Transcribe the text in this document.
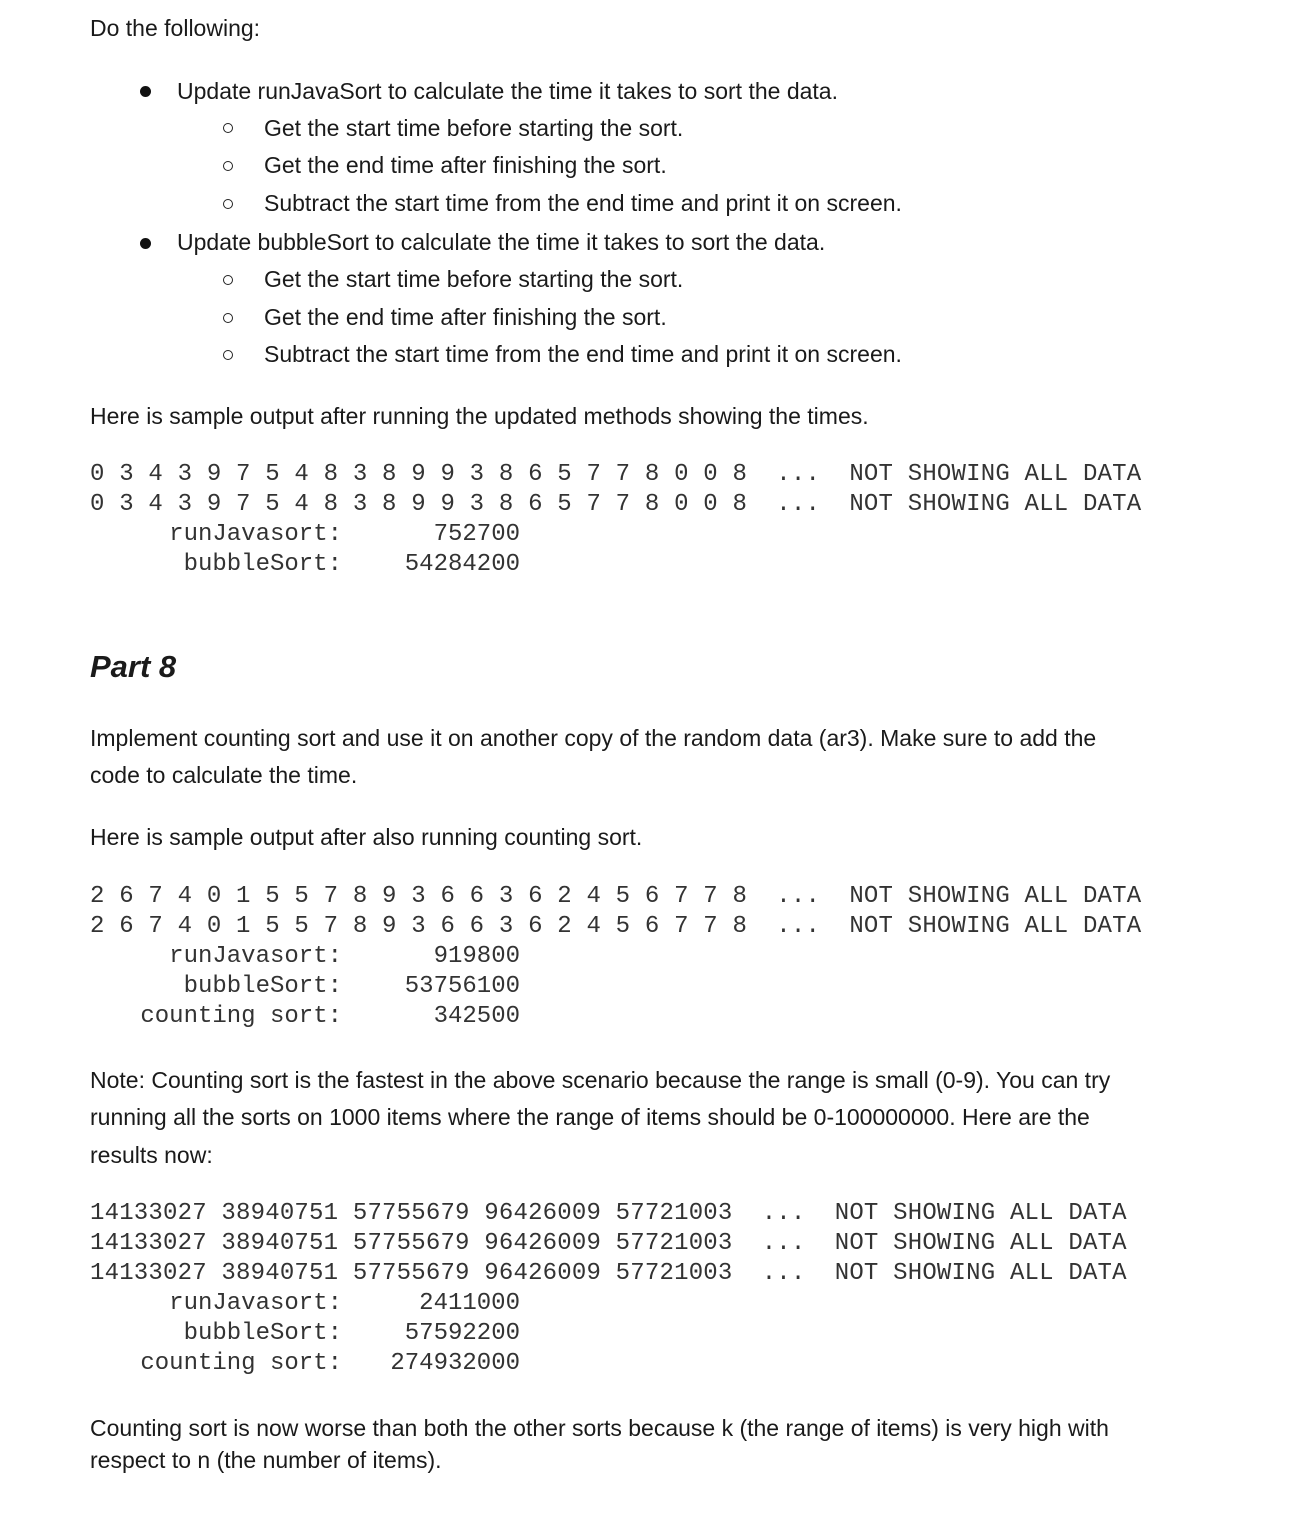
Do the following:
Update runJavaSort to calculate the time it takes to sort the data.
Get the start time before starting the sort.
Get the end time after finishing the sort.
Subtract the start time from the end time and print it on screen.
Update bubbleSort to calculate the time it takes to sort the data.
Get the start time before starting the sort.
Get the end time after finishing the sort.
Subtract the start time from the end time and print it on screen.
Here is sample output after running the updated methods showing the times.
0 3 4 3 9 7 5 4 8 3 8 9 9 3 8 6 5 7 7 8 0 0 8  ...  NOT SHOWING ALL DATA
0 3 4 3 9 7 5 4 8 3 8 9 9 3 8 6 5 7 7 8 0 0 8  ...  NOT SHOWING ALL DATA
runJavasort:	752700
bubbleSort:	54284200
Part 8
Implement counting sort and use it on another copy of the random data (ar3). Make sure to add the
code to calculate the time.
Here is sample output after also running counting sort.
2 6 7 4 0 1 5 5 7 8 9 3 6 6 3 6 2 4 5 6 7 7 8  ...  NOT SHOWING ALL DATA
2 6 7 4 0 1 5 5 7 8 9 3 6 6 3 6 2 4 5 6 7 7 8  ...  NOT SHOWING ALL DATA
runJavasort:	919800
bubbleSort:	53756100
counting sort:	342500
Note: Counting sort is the fastest in the above scenario because the range is small (0-9). You can try
running all the sorts on 1000 items where the range of items should be 0-100000000. Here are the
results now:
14133027 38940751 57755679 96426009 57721003  ...  NOT SHOWING ALL DATA
14133027 38940751 57755679 96426009 57721003  ...  NOT SHOWING ALL DATA
14133027 38940751 57755679 96426009 57721003  ...  NOT SHOWING ALL DATA
runJavasort:	2411000
bubbleSort:	57592200
counting sort:	274932000
Counting sort is now worse than both the other sorts because k (the range of items) is very high with
respect to n (the number of items).
